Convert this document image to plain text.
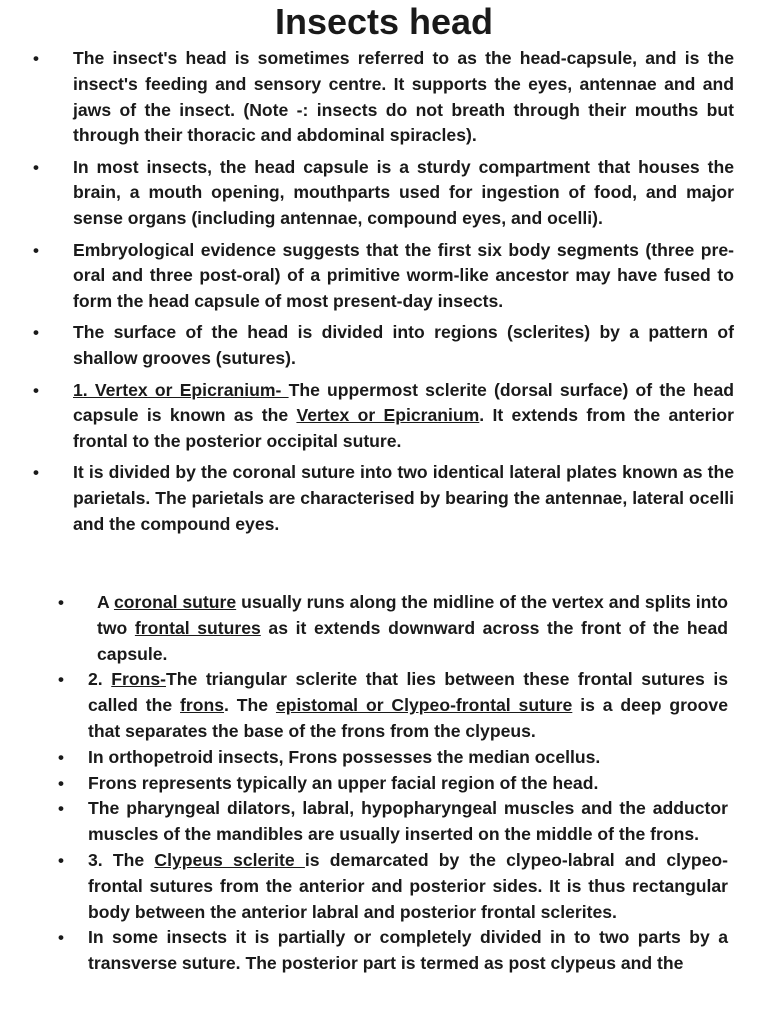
Insects head
• The insect's head is sometimes referred to as the head-capsule, and is the insect's feeding and sensory centre. It supports the eyes, antennae and and jaws of the insect. (Note -: insects do not breath through their mouths but through their thoracic and abdominal spiracles).
• In most insects, the head capsule is a sturdy compartment that houses the brain, a mouth opening, mouthparts used for ingestion of food, and major sense organs (including antennae, compound eyes, and ocelli).
• Embryological evidence suggests that the first six body segments (three pre-oral and three post-oral) of a primitive worm-like ancestor may have fused to form the head capsule of most present-day insects.
• The surface of the head is divided into regions (sclerites) by a pattern of shallow grooves (sutures).
• 1. Vertex or Epicranium- The uppermost sclerite (dorsal surface) of the head capsule is known as the Vertex or Epicranium. It extends from the anterior frontal to the posterior occipital suture.
• It is divided by the coronal suture into two identical lateral plates known as the parietals. The parietals are characterised by bearing the antennae, lateral ocelli and the compound eyes.
• A coronal suture usually runs along the midline of the vertex and splits into two frontal sutures as it extends downward across the front of the head capsule.
• 2. Frons-The triangular sclerite that lies between these frontal sutures is called the frons. The epistomal or Clypeo-frontal suture is a deep groove that separates the base of the frons from the clypeus.
• In orthopetroid insects, Frons possesses the median ocellus.
• Frons represents typically an upper facial region of the head.
• The pharyngeal dilators, labral, hypopharyngeal muscles and the adductor muscles of the mandibles are usually inserted on the middle of the frons.
• 3. The Clypeus sclerite is demarcated by the clypeo-labral and clypeo-frontal sutures from the anterior and posterior sides. It is thus rectangular body between the anterior labral and posterior frontal sclerites.
• In some insects it is partially or completely divided in to two parts by a transverse suture. The posterior part is termed as post clypeus and the
